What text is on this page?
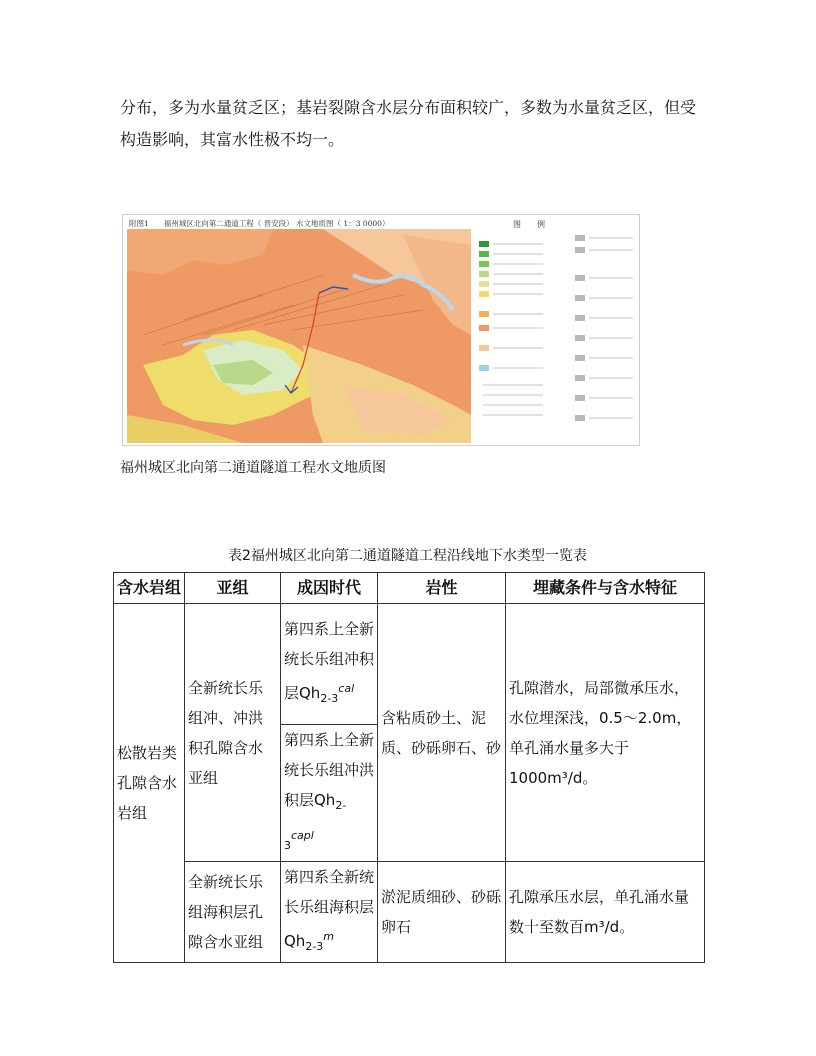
分布，多为水量贫乏区；基岩裂隙含水层分布面积较广，多数为水量贫乏区，但受
构造影响，其富水性极不均一。
附图1　　福州城区北向第二通道工程（ 晋安段） 水文地质图（ 1：3 0000）	图　　例
福州城区北向第二通道隧道工程水文地质图
表2福州城区北向第二通道隧道工程沿线地下水类型一览表
含水岩组	亚组	成因时代	岩性	埋藏条件与含水特征
松散岩类孔隙含水岩组	全新统长乐组冲、冲洪积孔隙含水亚组	第四系上全新统长乐组冲积层$Qh_{2-3}^{cal}$	含粘质砂土、泥质、砂砾卵石、砂	孔隙潜水，局部微承压水，水位埋深浅，0.5～2.0m，单孔涌水量多大于1000m³/d。
		第四系上全新统长乐组冲洪积层$Qh_{2-3}^{capl}$
	全新统长乐组海积层孔隙含水亚组	第四系全新统长乐组海积层$Qh_{2-3}^m$	淤泥质细砂、砂砾卵石	孔隙承压水层，单孔涌水量数十至数百m³/d。
